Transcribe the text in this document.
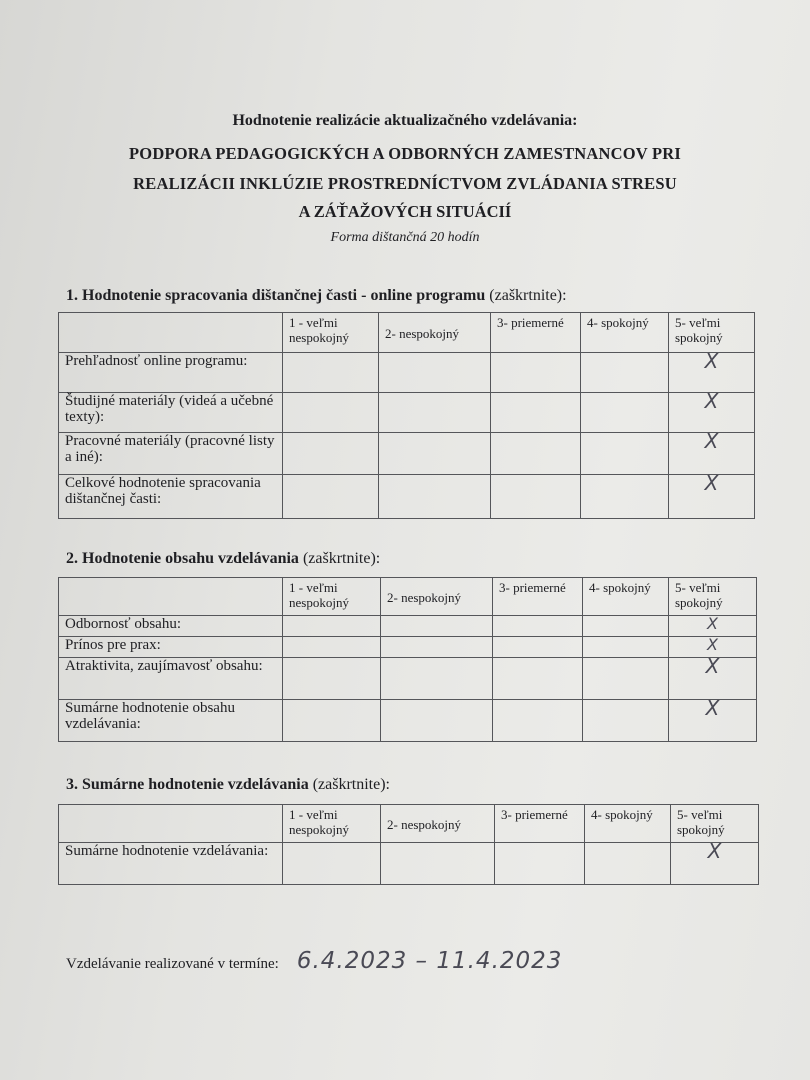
Hodnotenie realizácie aktualizačného vzdelávania:
PODPORA PEDAGOGICKÝCH A ODBORNÝCH ZAMESTNANCOV PRI
REALIZÁCII INKLÚZIE PROSTREDNÍCTVOM ZVLÁDANIA STRESU
A ZÁŤAŽOVÝCH SITUÁCIÍ
Forma dištančná 20 hodín
1. Hodnotenie spracovania dištančnej časti - online programu (zaškrtnite):
	1 - veľmi nespokojný	2- nespokojný	3- priemerné	4- spokojný	5- veľmi spokojný
Prehľadnosť online programu:					X
Študijné materiály (videá a učebné texty):					X
Pracovné materiály (pracovné listy a iné):					X
Celkové hodnotenie spracovania dištančnej časti:					X
2. Hodnotenie obsahu vzdelávania (zaškrtnite):
	1 - veľmi nespokojný	2- nespokojný	3- priemerné	4- spokojný	5- veľmi spokojný
Odbornosť obsahu:					X
Prínos pre prax:					X
Atraktivita, zaujímavosť obsahu:					X
Sumárne hodnotenie obsahu vzdelávania:					X
3. Sumárne hodnotenie vzdelávania (zaškrtnite):
	1 - veľmi nespokojný	2- nespokojný	3- priemerné	4- spokojný	5- veľmi spokojný
Sumárne hodnotenie vzdelávania:					X
Vzdelávanie realizované v termíne: 6.4.2023 – 11.4.2023
